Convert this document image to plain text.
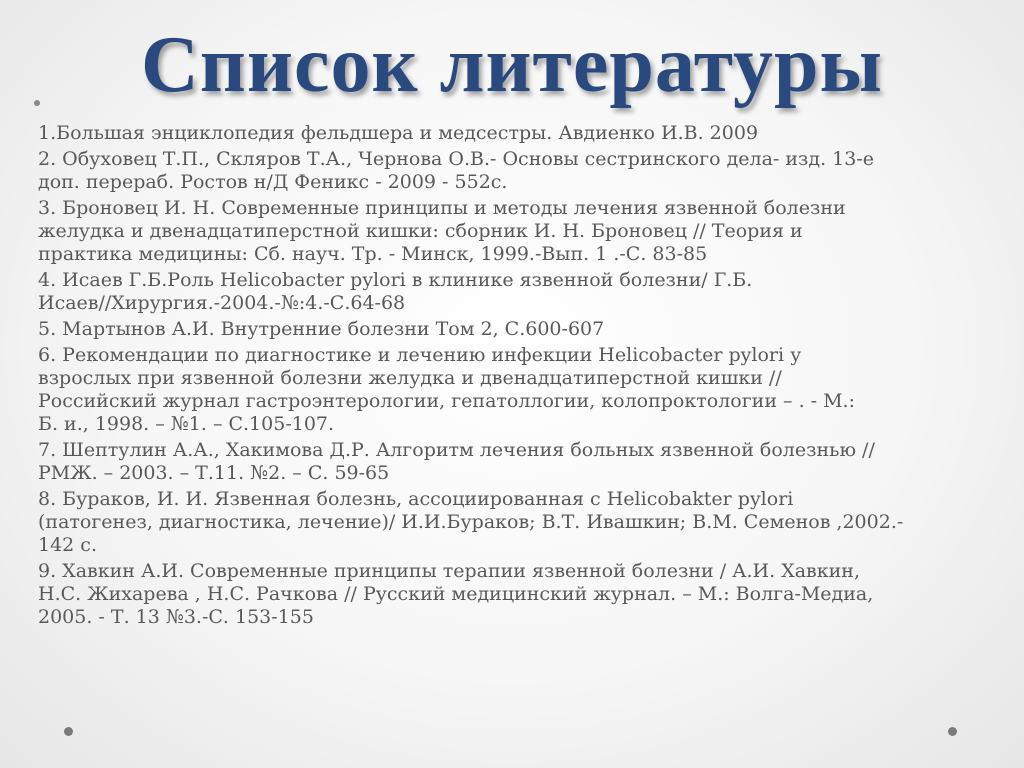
Список литературы
1.Большая энциклопедия фельдшера и медсестры. Авдиенко И.В. 2009
2. Обуховец Т.П., Скляров Т.А., Чернова О.В.- Основы сестринского дела- изд. 13-е
доп. перераб. Ростов н/Д Феникс - 2009 - 552с.
3. Броновец И. Н. Современные принципы и методы лечения язвенной болезни
желудка и двенадцатиперстной кишки: сборник И. Н. Броновец // Теория и
практика медицины: Сб. науч. Тр. - Минск, 1999.-Вып. 1 .-С. 83-85
4. Исаев Г.Б.Роль Helicobacter pylori в клинике язвенной болезни/ Г.Б.
Исаев//Хирургия.-2004.-№:4.-С.64-68
5. Мартынов А.И. Внутренние болезни Том 2, С.600-607
6. Рекомендации по диагностике и лечению инфекции Helicobacter pylori у
взрослых при язвенной болезни желудка и двенадцатиперстной кишки //
Российский журнал гастроэнтерологии, гепатоллогии, колопроктологии – . - М.:
Б. и., 1998. – №1. – С.105-107.
7. Шептулин А.А., Хакимова Д.Р. Алгоритм лечения больных язвенной болезнью //
РМЖ. – 2003. – Т.11. №2. – С. 59-65
8. Бураков, И. И. Язвенная болезнь, ассоциированная с Helicobakter pylori
(патогенез, диагностика, лечение)/ И.И.Бураков; В.Т. Ивашкин; В.М. Семенов ,2002.-
142 с.
9. Хавкин А.И. Современные принципы терапии язвенной болезни / А.И. Хавкин,
Н.С. Жихарева , Н.С. Рачкова // Русский медицинский журнал. – М.: Волга-Медиа,
2005. - Т. 13 №3.-С. 153-155
